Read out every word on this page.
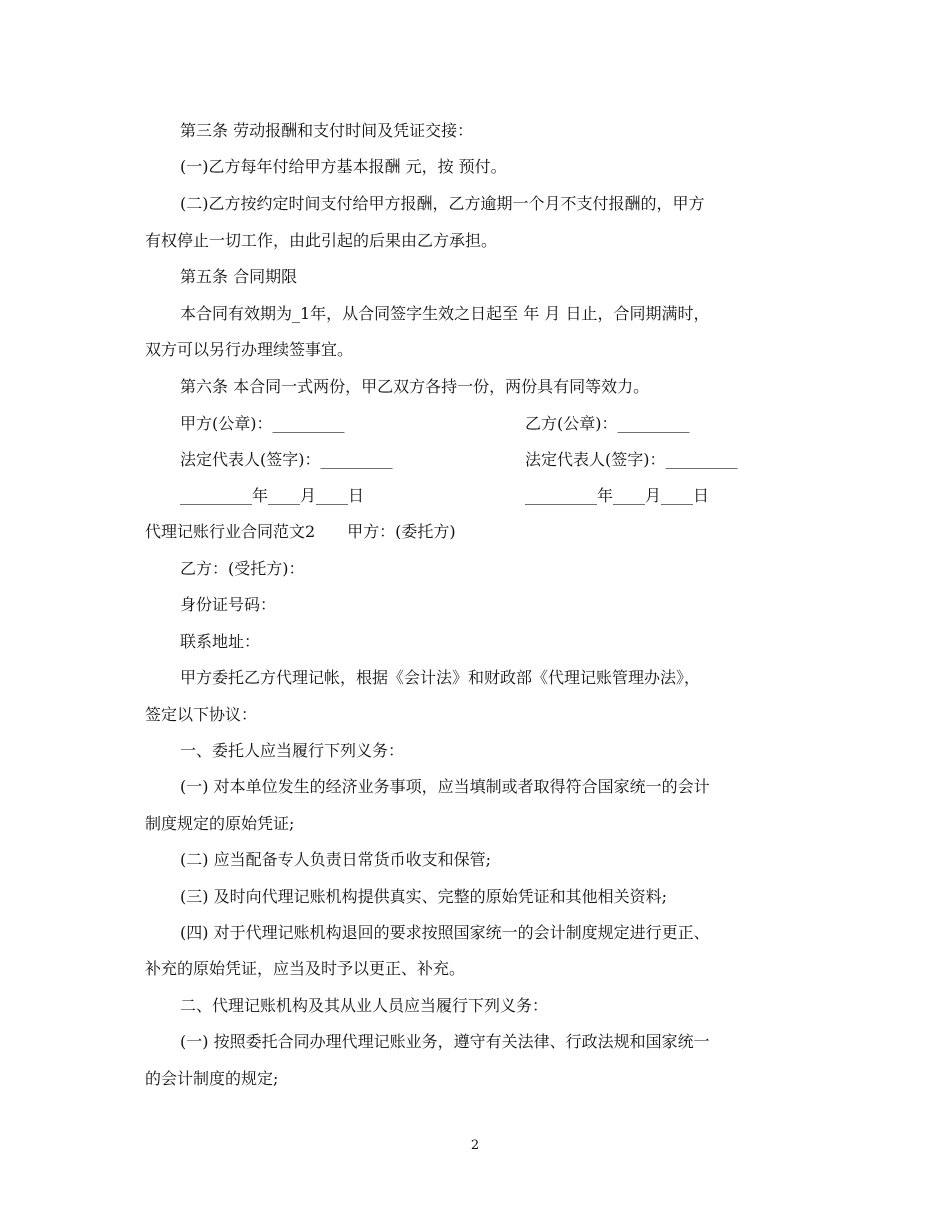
第三条 劳动报酬和支付时间及凭证交接：
(一)乙方每年付给甲方基本报酬 元，按 预付。
(二)乙方按约定时间支付给甲方报酬，乙方逾期一个月不支付报酬的，甲方
有权停止一切工作，由此引起的后果由乙方承担。
第五条 合同期限
本合同有效期为_1年，从合同签字生效之日起至 年 月 日止，合同期满时，
双方可以另行办理续签事宜。
第六条 本合同一式两份，甲乙双方各持一份，两份具有同等效力。
甲方(公章)：_________	乙方(公章)：_________
法定代表人(签字)：_________	法定代表人(签字)：_________
_________年____月____日	_________年____月____日
代理记账行业合同范文2　　甲方：(委托方)
乙方：(受托方)：
身份证号码：
联系地址：
甲方委托乙方代理记帐，根据《会计法》和财政部《代理记账管理办法》，
签定以下协议：
一、委托人应当履行下列义务：
(一) 对本单位发生的经济业务事项，应当填制或者取得符合国家统一的会计
制度规定的原始凭证;
(二) 应当配备专人负责日常货币收支和保管;
(三) 及时向代理记账机构提供真实、完整的原始凭证和其他相关资料;
(四) 对于代理记账机构退回的要求按照国家统一的会计制度规定进行更正、
补充的原始凭证，应当及时予以更正、补充。
二、代理记账机构及其从业人员应当履行下列义务：
(一) 按照委托合同办理代理记账业务，遵守有关法律、行政法规和国家统一
的会计制度的规定;
2
